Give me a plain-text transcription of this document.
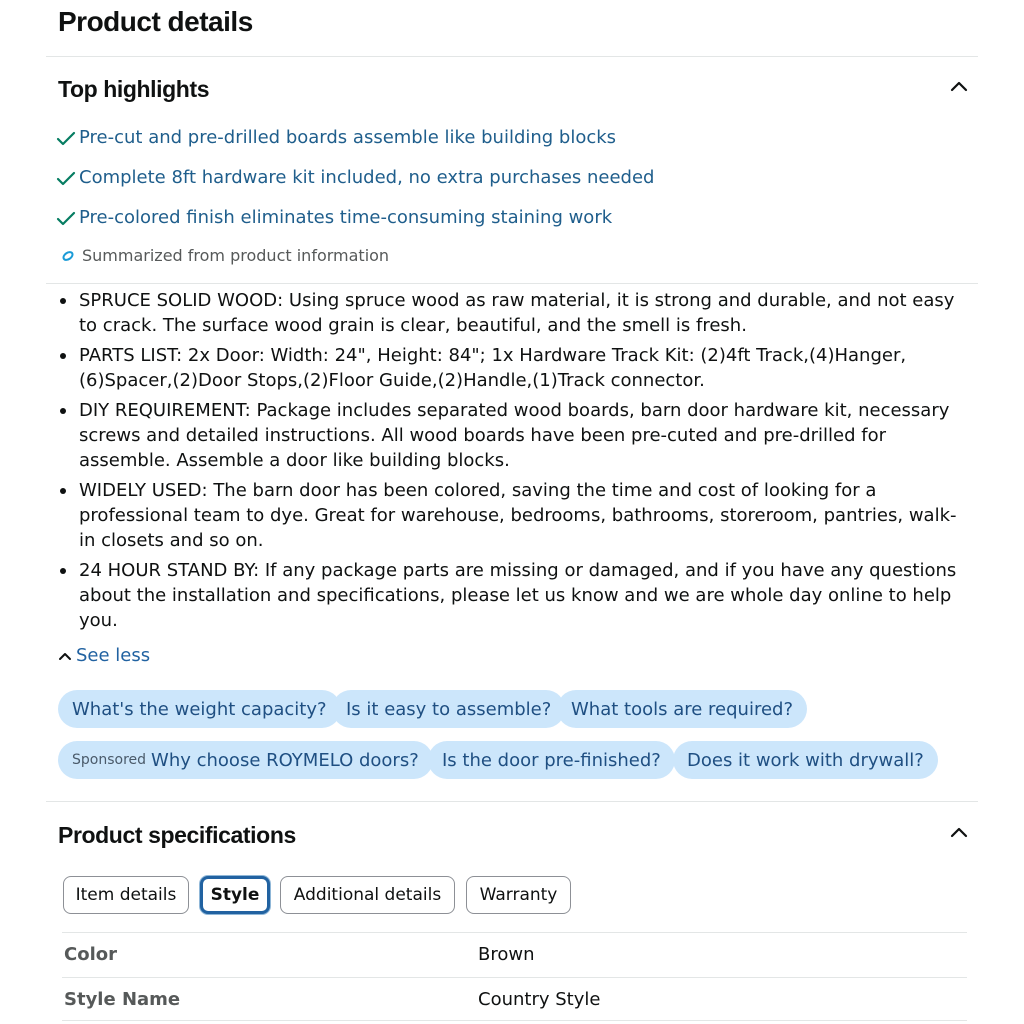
Product details
Top highlights
Pre-cut and pre-drilled boards assemble like building blocks
Complete 8ft hardware kit included, no extra purchases needed
Pre-colored finish eliminates time-consuming staining work
Summarized from product information
SPRUCE SOLID WOOD: Using spruce wood as raw material, it is strong and durable, and not easy to crack. The surface wood grain is clear, beautiful, and the smell is fresh.
PARTS LIST: 2x Door: Width: 24", Height: 84"; 1x Hardware Track Kit: (2)4ft Track,(4)Hanger,(6)Spacer,(2)Door Stops,(2)Floor Guide,(2)Handle,(1)Track connector.
DIY REQUIREMENT: Package includes separated wood boards, barn door hardware kit, necessary screws and detailed instructions. All wood boards have been pre-cuted and pre-drilled for assemble. Assemble a door like building blocks.
WIDELY USED: The barn door has been colored, saving the time and cost of looking for a professional team to dye. Great for warehouse, bedrooms, bathrooms, storeroom, pantries, walk-in closets and so on.
24 HOUR STAND BY: If any package parts are missing or damaged, and if you have any questions about the installation and specifications, please let us know and we are whole day online to help you.
See less
What's the weight capacity?	Is it easy to assemble?	What tools are required?
Sponsored Why choose ROYMELO doors?	Is the door pre-finished?	Does it work with drywall?
Product specifications
Item details	Style	Additional details	Warranty
Color	Brown
Style Name	Country Style
